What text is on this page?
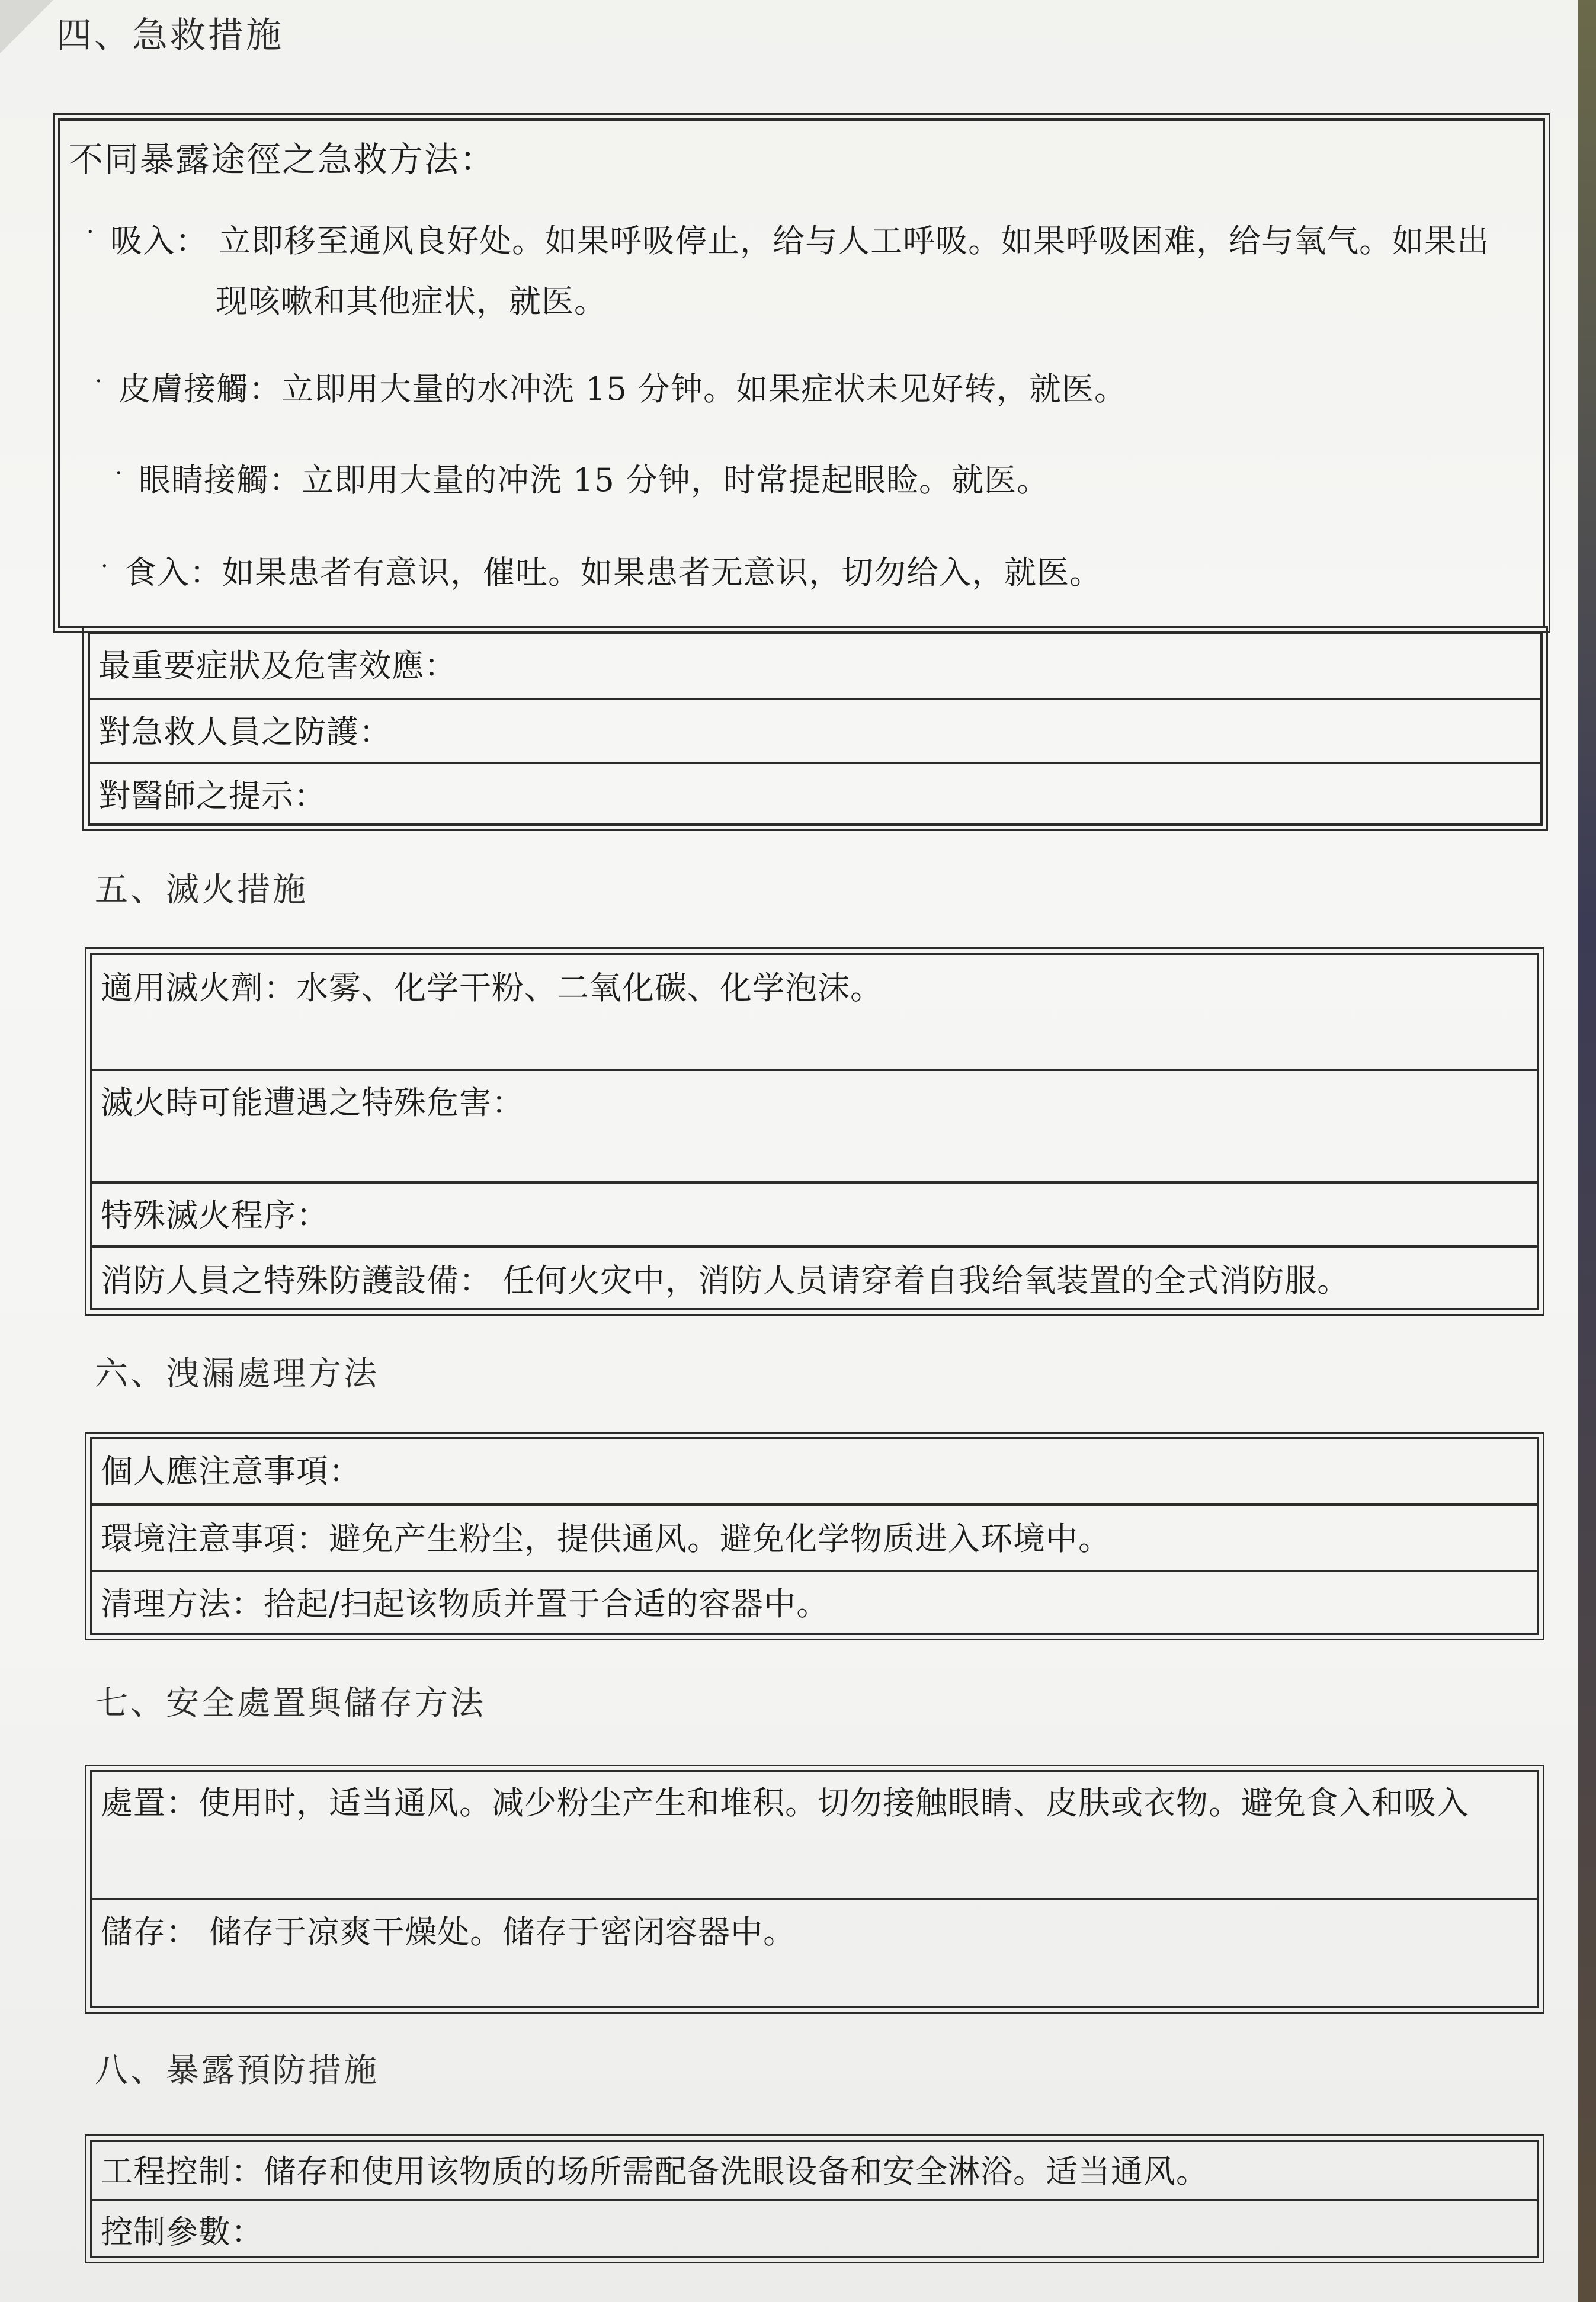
四、急救措施
不同暴露途徑之急救方法：
· 吸入： 立即移至通风良好处。如果呼吸停止，给与人工呼吸。如果呼吸困难，给与氧气。如果出
现咳嗽和其他症状，就医。
· 皮膚接觸：立即用大量的水冲洗 15 分钟。如果症状未见好转，就医。
· 眼睛接觸：立即用大量的冲洗 15 分钟，时常提起眼睑。就医。
· 食入：如果患者有意识，催吐。如果患者无意识，切勿给入，就医。
最重要症狀及危害效應：
對急救人員之防護：
對醫師之提示：
五、滅火措施
適用滅火劑：水雾、化学干粉、二氧化碳、化学泡沫。
滅火時可能遭遇之特殊危害：
特殊滅火程序：
消防人員之特殊防護設備： 任何火灾中，消防人员请穿着自我给氧装置的全式消防服。
六、洩漏處理方法
個人應注意事項：
環境注意事項：避免产生粉尘，提供通风。避免化学物质进入环境中。
清理方法：拾起/扫起该物质并置于合适的容器中。
七、安全處置與儲存方法
處置：使用时，适当通风。减少粉尘产生和堆积。切勿接触眼睛、皮肤或衣物。避免食入和吸入
儲存： 储存于凉爽干燥处。储存于密闭容器中。
八、暴露預防措施
工程控制：储存和使用该物质的场所需配备洗眼设备和安全淋浴。适当通风。
控制參數：
